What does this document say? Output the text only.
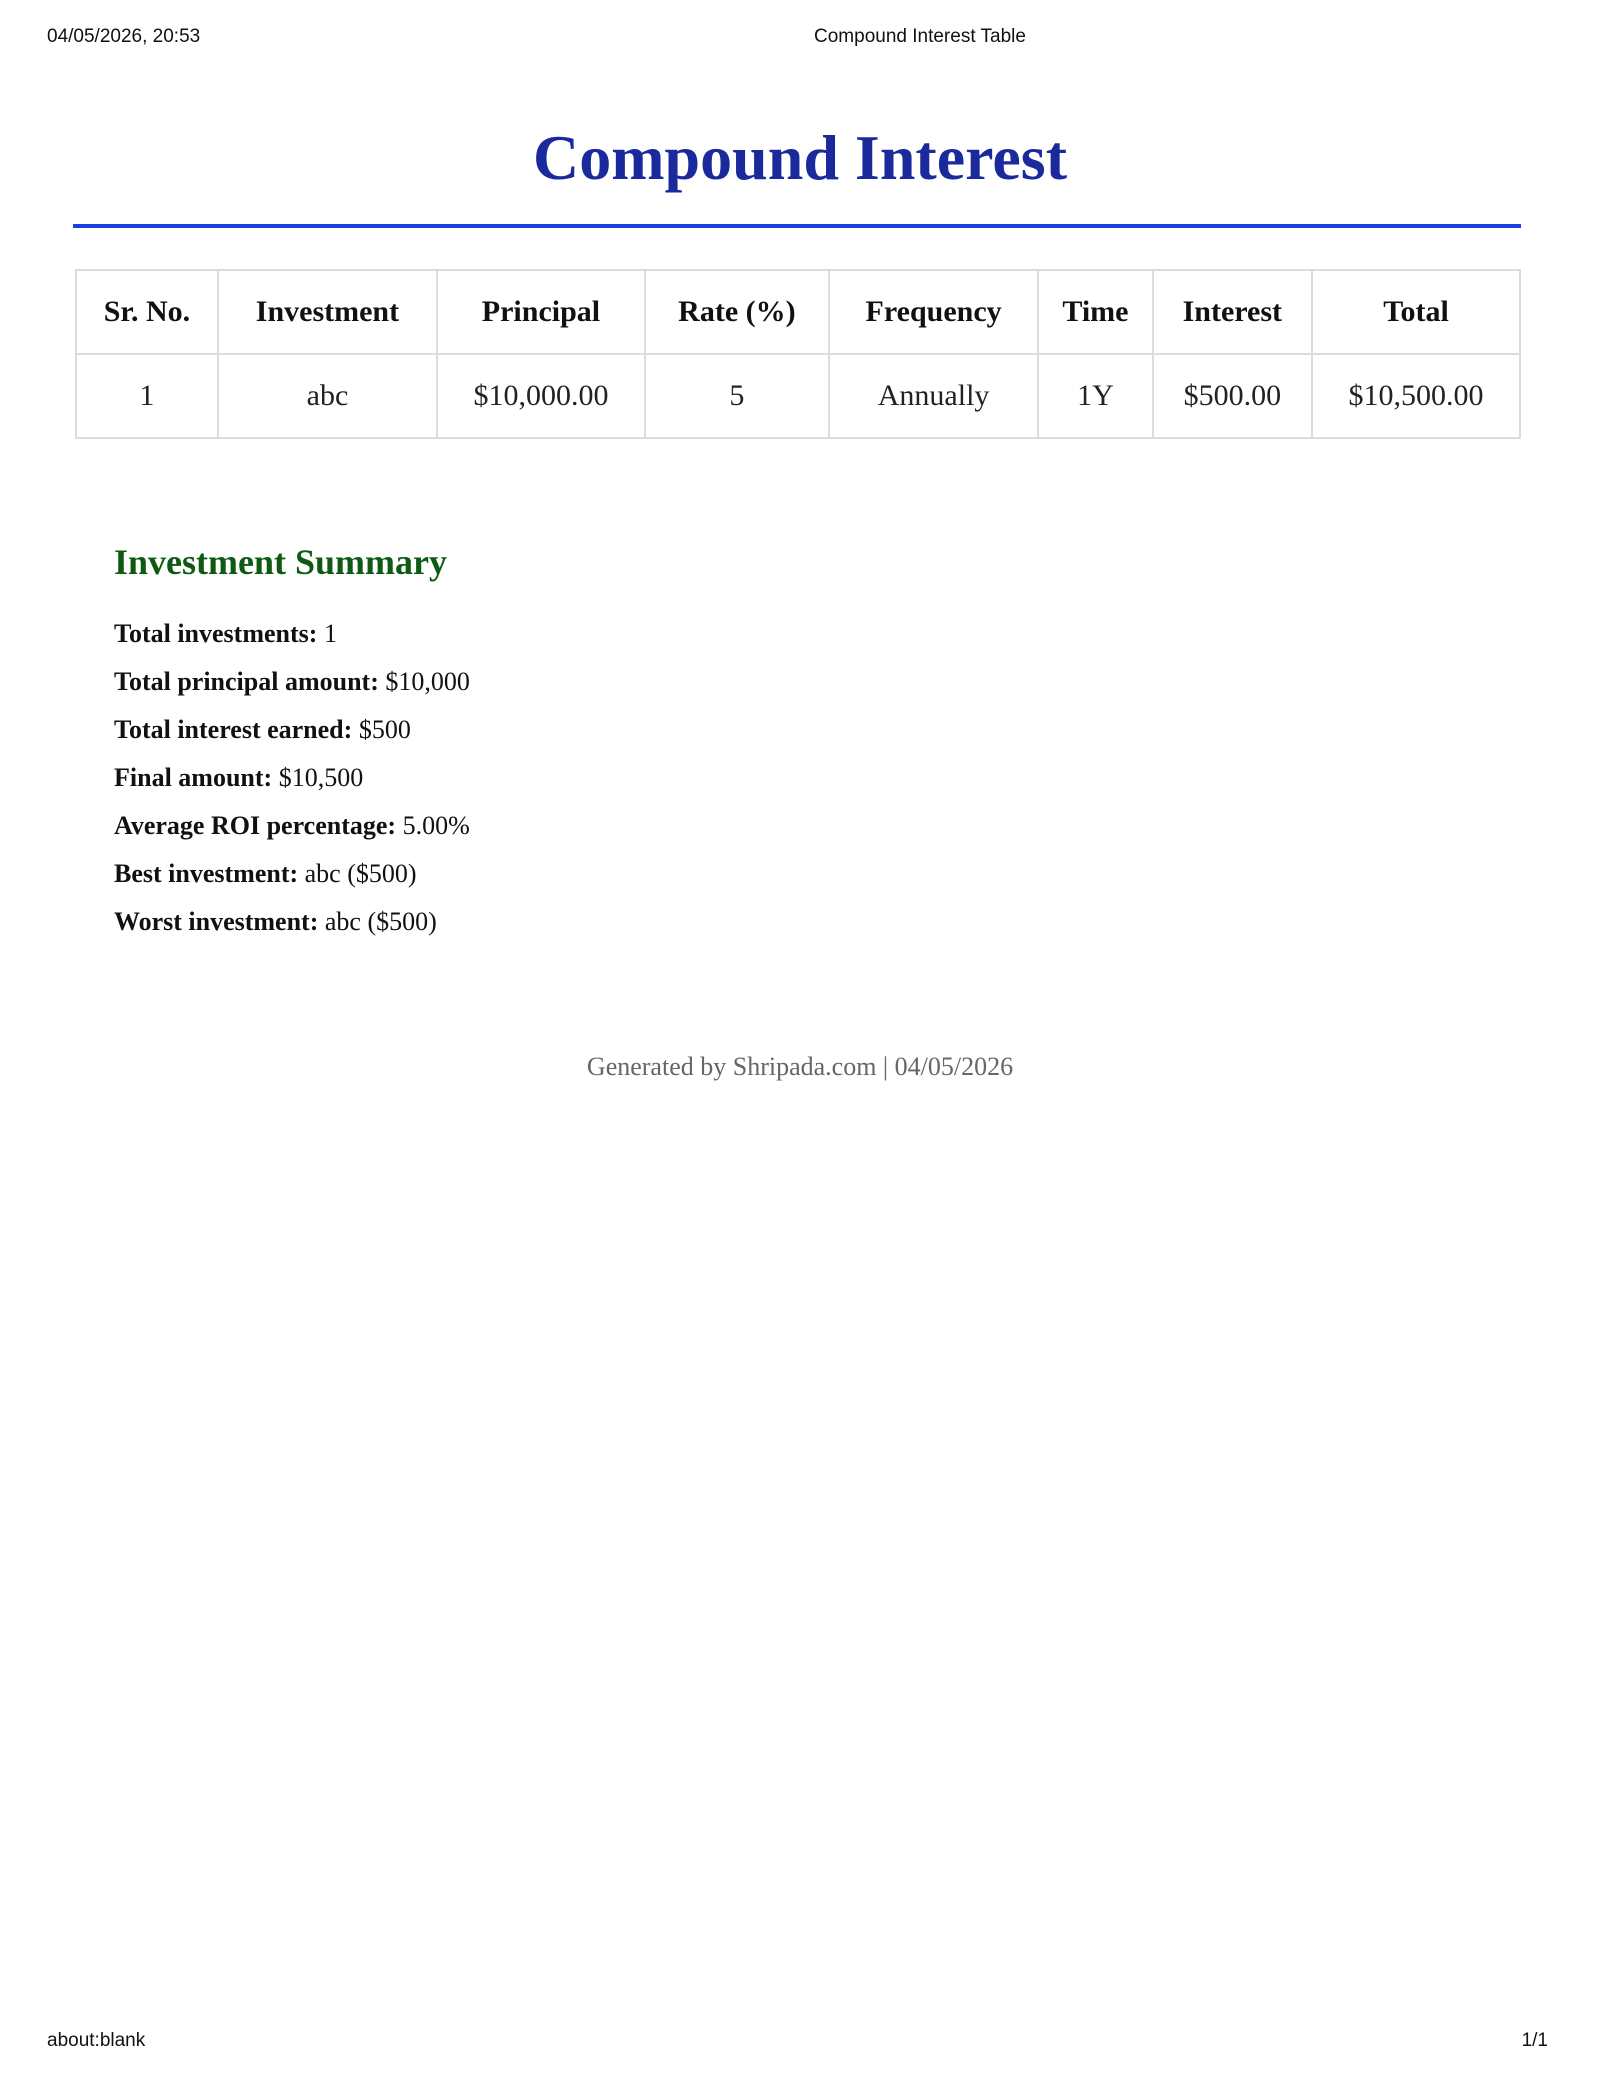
04/05/2026, 20:53	Compound Interest Table
Compound Interest
Sr. No.	Investment	Principal	Rate (%)	Frequency	Time	Interest	Total
1	abc	$10,000.00	5	Annually	1Y	$500.00	$10,500.00
Investment Summary
Total investments: 1
Total principal amount: $10,000
Total interest earned: $500
Final amount: $10,500
Average ROI percentage: 5.00%
Best investment: abc ($500)
Worst investment: abc ($500)
Generated by Shripada.com | 04/05/2026
about:blank	1/1
